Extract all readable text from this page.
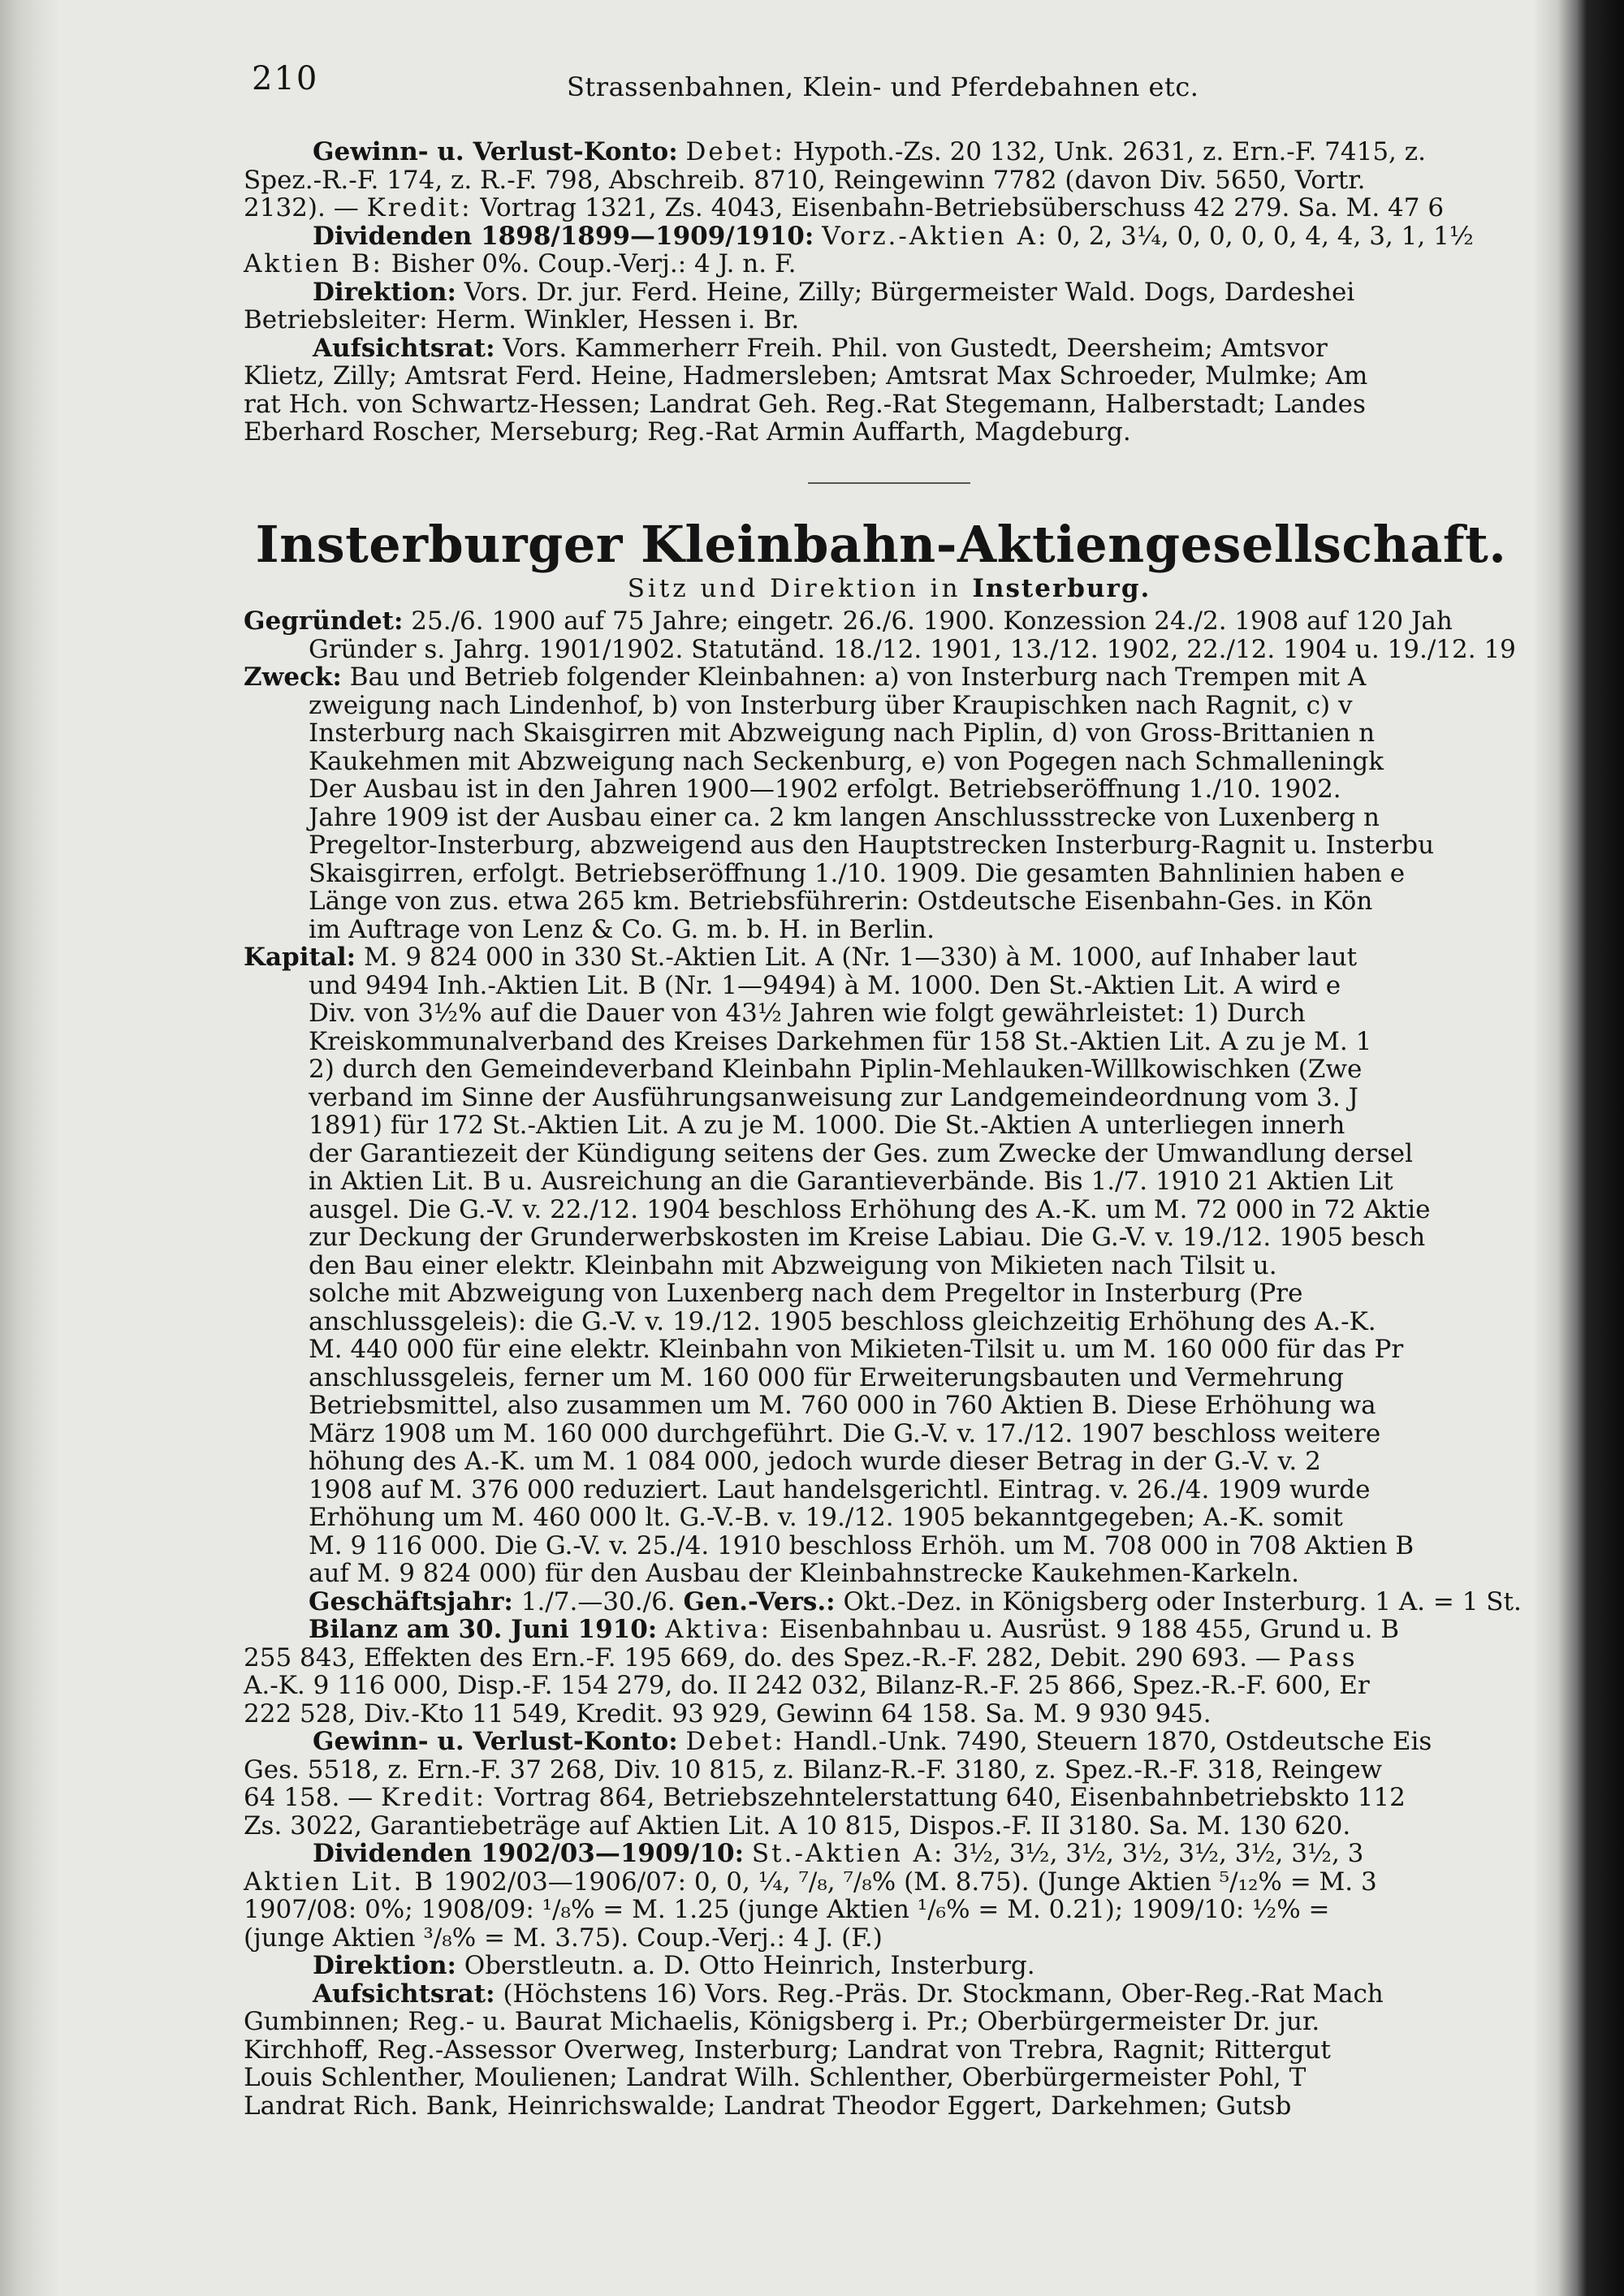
210	Strassenbahnen, Klein- und Pferdebahnen etc.
Gewinn- u. Verlust-Konto: Debet: Hypoth.-Zs. 20 132, Unk. 2631, z. Ern.-F. 7415, z.
Spez.-R.-F. 174, z. R.-F. 798, Abschreib. 8710, Reingewinn 7782 (davon Div. 5650, Vortr.
2132). — Kredit: Vortrag 1321, Zs. 4043, Eisenbahn-Betriebsüberschuss 42 279. Sa. M. 47 6
Dividenden 1898/1899—1909/1910: Vorz.-Aktien A: 0, 2, 3¼, 0, 0, 0, 0, 4, 4, 3, 1, 1½
Aktien B: Bisher 0%. Coup.-Verj.: 4 J. n. F.
Direktion: Vors. Dr. jur. Ferd. Heine, Zilly; Bürgermeister Wald. Dogs, Dardeshei
Betriebsleiter: Herm. Winkler, Hessen i. Br.
Aufsichtsrat: Vors. Kammerherr Freih. Phil. von Gustedt, Deersheim; Amtsvor
Klietz, Zilly; Amtsrat Ferd. Heine, Hadmersleben; Amtsrat Max Schroeder, Mulmke; Am
rat Hch. von Schwartz-Hessen; Landrat Geh. Reg.-Rat Stegemann, Halberstadt; Landes
Eberhard Roscher, Merseburg; Reg.-Rat Armin Auffarth, Magdeburg.
Insterburger Kleinbahn-Aktiengesellschaft.
Sitz und Direktion in Insterburg.
Gegründet: 25./6. 1900 auf 75 Jahre; eingetr. 26./6. 1900. Konzession 24./2. 1908 auf 120 Jah
Gründer s. Jahrg. 1901/1902. Statutänd. 18./12. 1901, 13./12. 1902, 22./12. 1904 u. 19./12. 19
Zweck: Bau und Betrieb folgender Kleinbahnen: a) von Insterburg nach Trempen mit A
zweigung nach Lindenhof, b) von Insterburg über Kraupischken nach Ragnit, c) v
Insterburg nach Skaisgirren mit Abzweigung nach Piplin, d) von Gross-Brittanien n
Kaukehmen mit Abzweigung nach Seckenburg, e) von Pogegen nach Schmalleningk
Der Ausbau ist in den Jahren 1900—1902 erfolgt. Betriebseröffnung 1./10. 1902.
Jahre 1909 ist der Ausbau einer ca. 2 km langen Anschlussstrecke von Luxenberg n
Pregeltor-Insterburg, abzweigend aus den Hauptstrecken Insterburg-Ragnit u. Insterbu
Skaisgirren, erfolgt. Betriebseröffnung 1./10. 1909. Die gesamten Bahnlinien haben e
Länge von zus. etwa 265 km. Betriebsführerin: Ostdeutsche Eisenbahn-Ges. in Kön
im Auftrage von Lenz & Co. G. m. b. H. in Berlin.
Kapital: M. 9 824 000 in 330 St.-Aktien Lit. A (Nr. 1—330) à M. 1000, auf Inhaber laut
und 9494 Inh.-Aktien Lit. B (Nr. 1—9494) à M. 1000. Den St.-Aktien Lit. A wird e
Div. von 3½% auf die Dauer von 43½ Jahren wie folgt gewährleistet: 1) Durch
Kreiskommunalverband des Kreises Darkehmen für 158 St.-Aktien Lit. A zu je M. 1
2) durch den Gemeindeverband Kleinbahn Piplin-Mehlauken-Willkowischken (Zwe
verband im Sinne der Ausführungsanweisung zur Landgemeindeordnung vom 3. J
1891) für 172 St.-Aktien Lit. A zu je M. 1000. Die St.-Aktien A unterliegen innerh
der Garantiezeit der Kündigung seitens der Ges. zum Zwecke der Umwandlung dersel
in Aktien Lit. B u. Ausreichung an die Garantieverbände. Bis 1./7. 1910 21 Aktien Lit
ausgel. Die G.-V. v. 22./12. 1904 beschloss Erhöhung des A.-K. um M. 72 000 in 72 Aktie
zur Deckung der Grunderwerbskosten im Kreise Labiau. Die G.-V. v. 19./12. 1905 besch
den Bau einer elektr. Kleinbahn mit Abzweigung von Mikieten nach Tilsit u.
solche mit Abzweigung von Luxenberg nach dem Pregeltor in Insterburg (Pre
anschlussgeleis): die G.-V. v. 19./12. 1905 beschloss gleichzeitig Erhöhung des A.-K.
M. 440 000 für eine elektr. Kleinbahn von Mikieten-Tilsit u. um M. 160 000 für das Pr
anschlussgeleis, ferner um M. 160 000 für Erweiterungsbauten und Vermehrung
Betriebsmittel, also zusammen um M. 760 000 in 760 Aktien B. Diese Erhöhung wa
März 1908 um M. 160 000 durchgeführt. Die G.-V. v. 17./12. 1907 beschloss weitere
höhung des A.-K. um M. 1 084 000, jedoch wurde dieser Betrag in der G.-V. v. 2
1908 auf M. 376 000 reduziert. Laut handelsgerichtl. Eintrag. v. 26./4. 1909 wurde
Erhöhung um M. 460 000 lt. G.-V.-B. v. 19./12. 1905 bekanntgegeben; A.-K. somit
M. 9 116 000. Die G.-V. v. 25./4. 1910 beschloss Erhöh. um M. 708 000 in 708 Aktien B
auf M. 9 824 000) für den Ausbau der Kleinbahnstrecke Kaukehmen-Karkeln.
Geschäftsjahr: 1./7.—30./6. Gen.-Vers.: Okt.-Dez. in Königsberg oder Insterburg. 1 A. = 1 St.
Bilanz am 30. Juni 1910: Aktiva: Eisenbahnbau u. Ausrüst. 9 188 455, Grund u. B
255 843, Effekten des Ern.-F. 195 669, do. des Spez.-R.-F. 282, Debit. 290 693. — Pass
A.-K. 9 116 000, Disp.-F. 154 279, do. II 242 032, Bilanz-R.-F. 25 866, Spez.-R.-F. 600, Er
222 528, Div.-Kto 11 549, Kredit. 93 929, Gewinn 64 158. Sa. M. 9 930 945.
Gewinn- u. Verlust-Konto: Debet: Handl.-Unk. 7490, Steuern 1870, Ostdeutsche Eis
Ges. 5518, z. Ern.-F. 37 268, Div. 10 815, z. Bilanz-R.-F. 3180, z. Spez.-R.-F. 318, Reingew
64 158. — Kredit: Vortrag 864, Betriebszehntelerstattung 640, Eisenbahnbetriebskto 112
Zs. 3022, Garantiebeträge auf Aktien Lit. A 10 815, Dispos.-F. II 3180. Sa. M. 130 620.
Dividenden 1902/03—1909/10: St.-Aktien A: 3½, 3½, 3½, 3½, 3½, 3½, 3½, 3
Aktien Lit. B 1902/03—1906/07: 0, 0, ¼, ⁷/₈, ⁷/₈% (M. 8.75). (Junge Aktien ⁵/₁₂% = M. 3
1907/08: 0%; 1908/09: ¹/₈% = M. 1.25 (junge Aktien ¹/₆% = M. 0.21); 1909/10: ½% =
(junge Aktien ³/₈% = M. 3.75). Coup.-Verj.: 4 J. (F.)
Direktion: Oberstleutn. a. D. Otto Heinrich, Insterburg.
Aufsichtsrat: (Höchstens 16) Vors. Reg.-Präs. Dr. Stockmann, Ober-Reg.-Rat Mach
Gumbinnen; Reg.- u. Baurat Michaelis, Königsberg i. Pr.; Oberbürgermeister Dr. jur.
Kirchhoff, Reg.-Assessor Overweg, Insterburg; Landrat von Trebra, Ragnit; Rittergut
Louis Schlenther, Moulienen; Landrat Wilh. Schlenther, Oberbürgermeister Pohl, T
Landrat Rich. Bank, Heinrichswalde; Landrat Theodor Eggert, Darkehmen; Gutsb
